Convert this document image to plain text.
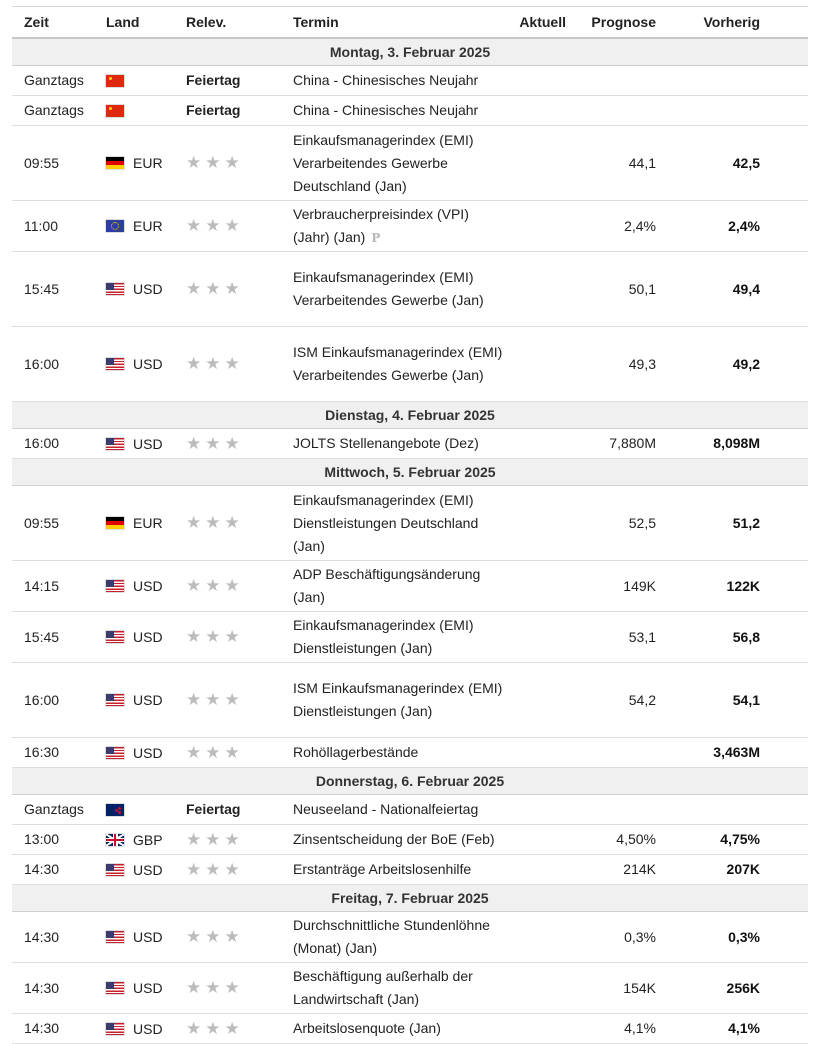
Zeit	Land	Relev.	Termin	Aktuell	Prognose	Vorherig
Montag, 3. Februar 2025						
Ganztags		Feiertag	China - Chinesisches Neujahr			
Ganztags		Feiertag	China - Chinesisches Neujahr			
09:55	EUR	★★★	Einkaufsmanagerindex (EMI) Verarbeitendes Gewerbe Deutschland (Jan)		44,1	42,5
11:00	EUR	★★★	Verbraucherpreisindex (VPI) (Jahr) (Jan) P		2,4%	2,4%
15:45	USD	★★★	Einkaufsmanagerindex (EMI) Verarbeitendes Gewerbe (Jan)		50,1	49,4
16:00	USD	★★★	ISM Einkaufsmanagerindex (EMI) Verarbeitendes Gewerbe (Jan)		49,3	49,2
Dienstag, 4. Februar 2025						
16:00	USD	★★★	JOLTS Stellenangebote (Dez)		7,880M	8,098M
Mittwoch, 5. Februar 2025						
09:55	EUR	★★★	Einkaufsmanagerindex (EMI) Dienstleistungen Deutschland (Jan)		52,5	51,2
14:15	USD	★★★	ADP Beschäftigungsänderung (Jan)		149K	122K
15:45	USD	★★★	Einkaufsmanagerindex (EMI) Dienstleistungen (Jan)		53,1	56,8
16:00	USD	★★★	ISM Einkaufsmanagerindex (EMI) Dienstleistungen (Jan)		54,2	54,1
16:30	USD	★★★	Rohöllagerbestände			3,463M
Donnerstag, 6. Februar 2025						
Ganztags		Feiertag	Neuseeland - Nationalfeiertag			
13:00	GBP	★★★	Zinsentscheidung der BoE (Feb)		4,50%	4,75%
14:30	USD	★★★	Erstanträge Arbeitslosenhilfe		214K	207K
Freitag, 7. Februar 2025						
14:30	USD	★★★	Durchschnittliche Stundenlöhne (Monat) (Jan)		0,3%	0,3%
14:30	USD	★★★	Beschäftigung außerhalb der Landwirtschaft (Jan)		154K	256K
14:30	USD	★★★	Arbeitslosenquote (Jan)		4,1%	4,1%
